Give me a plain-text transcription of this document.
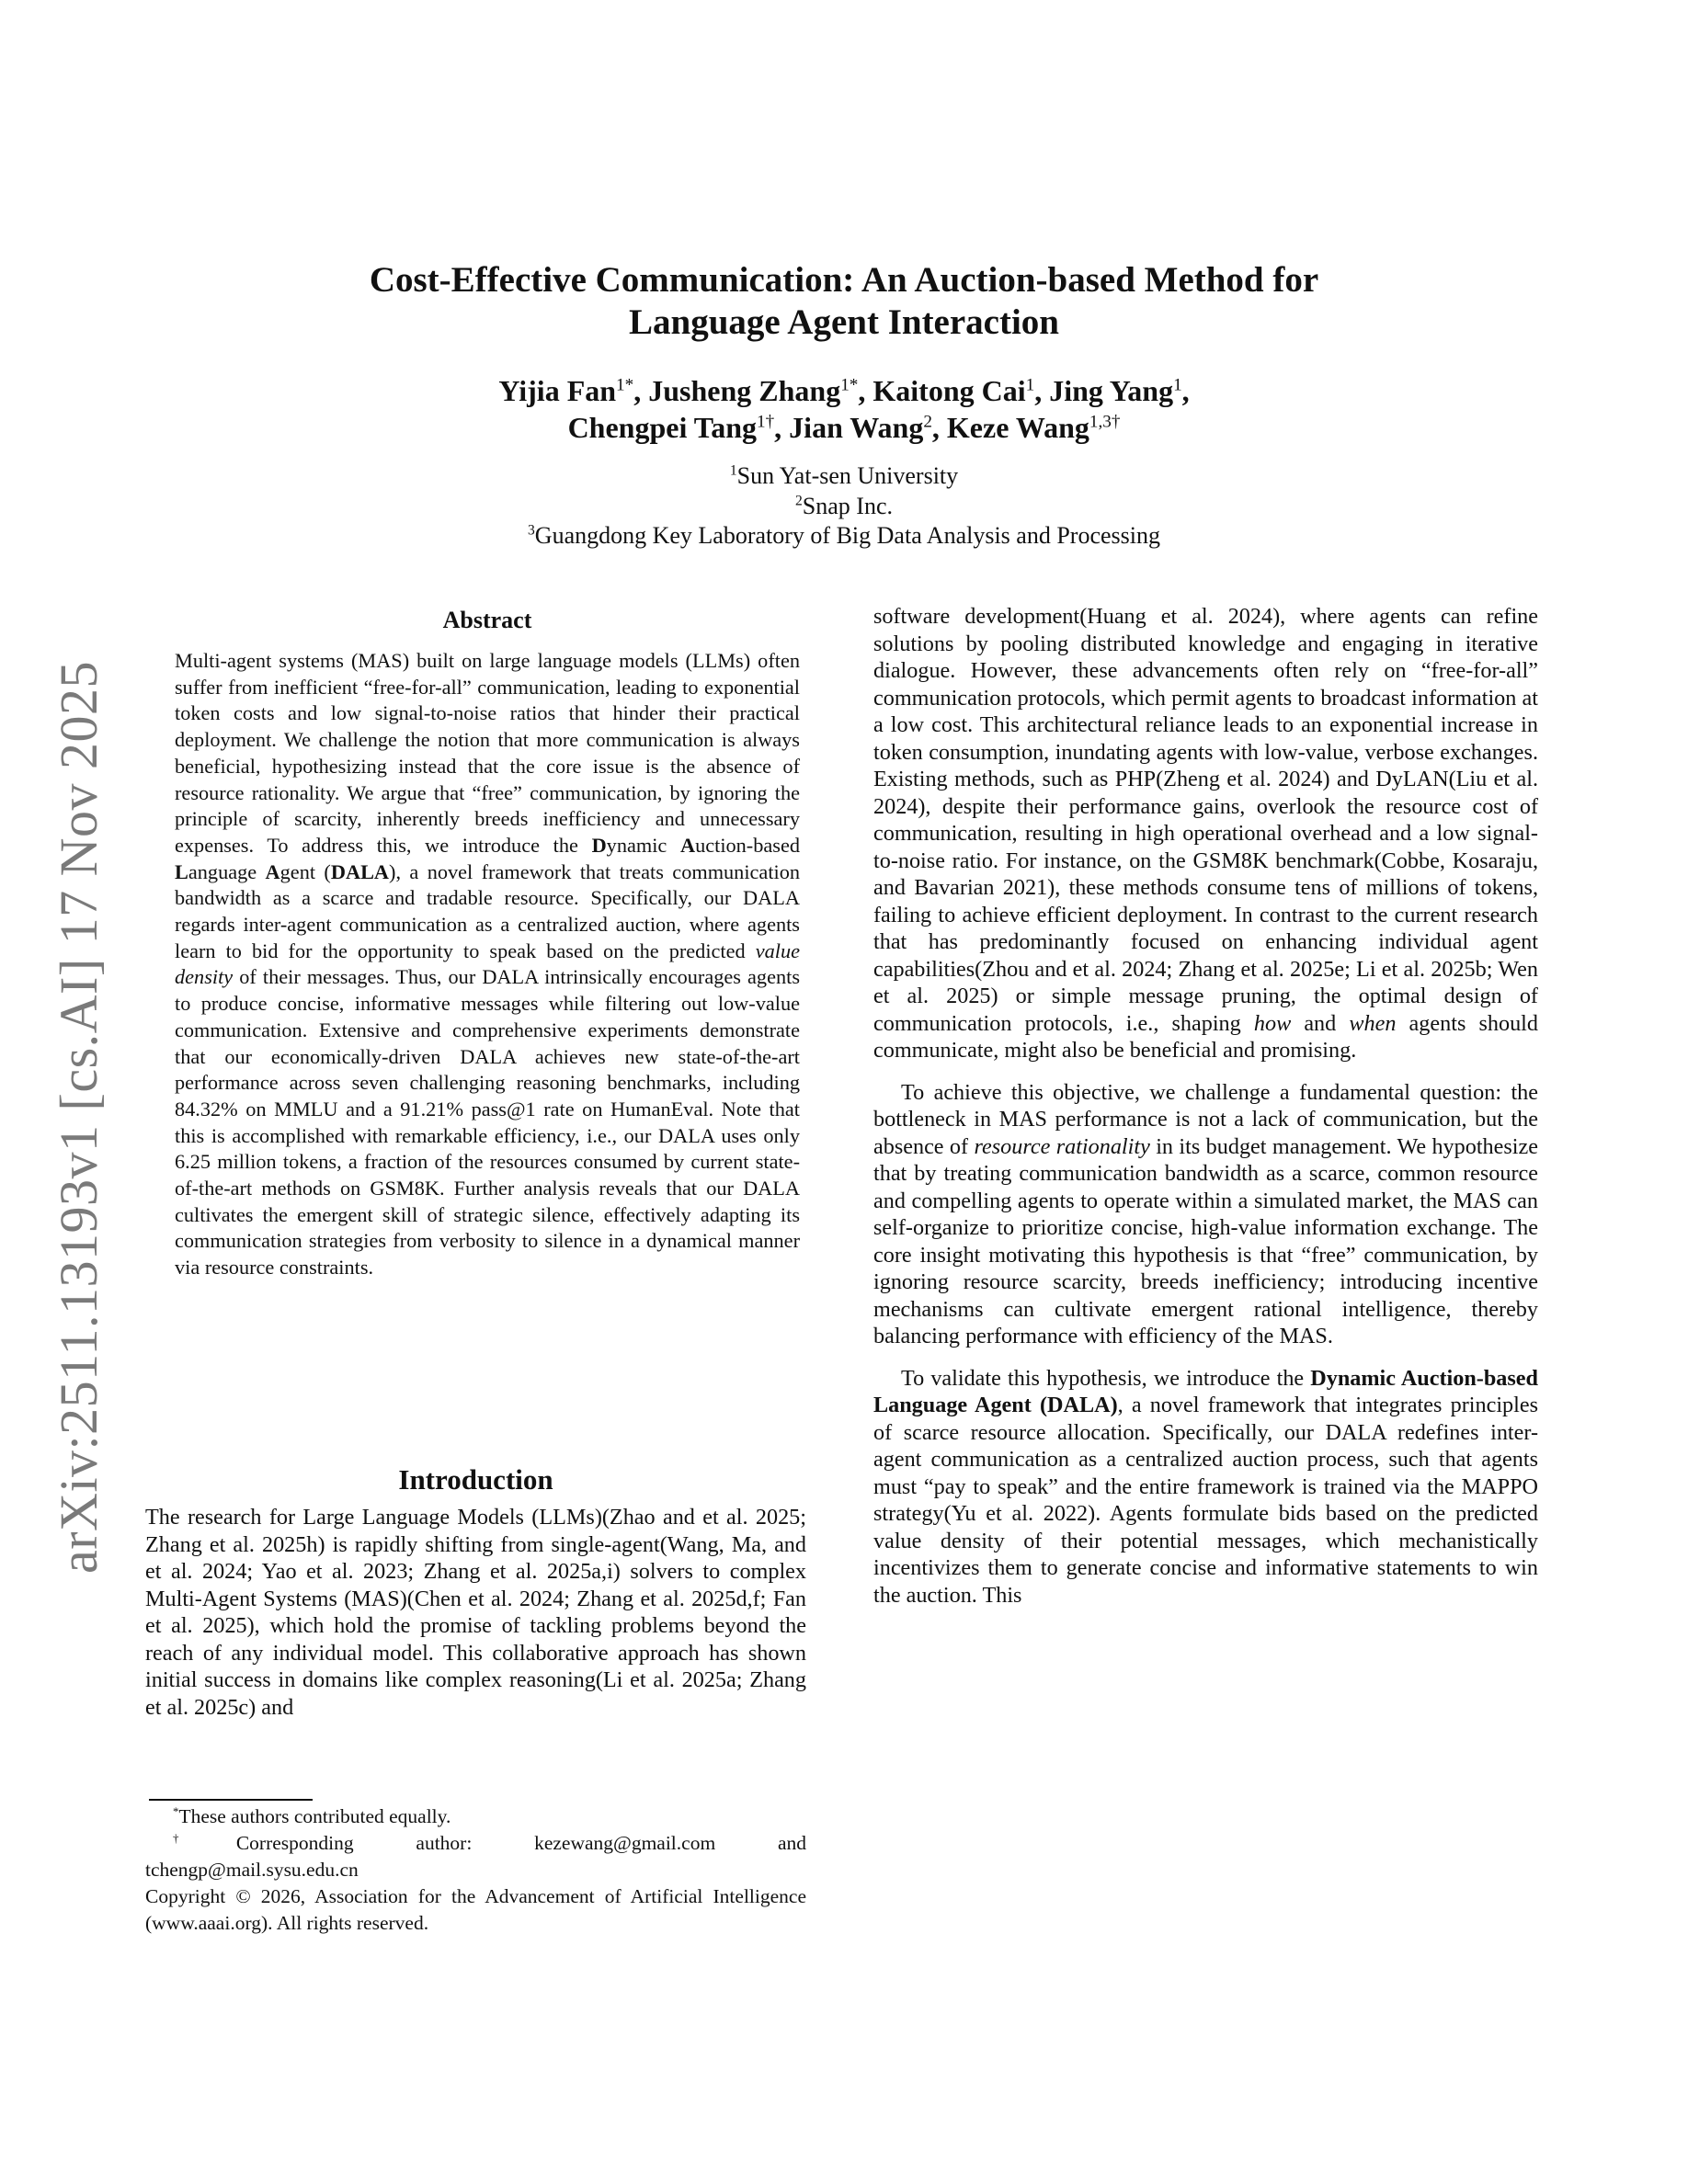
arXiv:2511.13193v1 [cs.AI] 17 Nov 2025
Cost-Effective Communication: An Auction-based Method for
Language Agent Interaction
Yijia Fan$^{1*}$, Jusheng Zhang$^{1*}$, Kaitong Cai$^1$, Jing Yang$^1$,
Chengpei Tang$^{1\dagger}$, Jian Wang$^2$, Keze Wang$^{1,3\dagger}$
$^1$Sun Yat-sen University
$^2$Snap Inc.
$^3$Guangdong Key Laboratory of Big Data Analysis and Processing
Abstract
Multi-agent systems (MAS) built on large language models (LLMs) often suffer from inefficient “free-for-all” communication, leading to exponential token costs and low signal-to-noise ratios that hinder their practical deployment. We challenge the notion that more communication is always beneficial, hypothesizing instead that the core issue is the absence of resource rationality. We argue that “free” communication, by ignoring the principle of scarcity, inherently breeds inefficiency and unnecessary expenses. To address this, we introduce the Dynamic Auction-based Language Agent (DALA), a novel framework that treats communication bandwidth as a scarce and tradable resource. Specifically, our DALA regards inter-agent communication as a centralized auction, where agents learn to bid for the opportunity to speak based on the predicted value density of their messages. Thus, our DALA intrinsically encourages agents to produce concise, informative messages while filtering out low-value communication. Extensive and comprehensive experiments demonstrate that our economically-driven DALA achieves new state-of-the-art performance across seven challenging reasoning benchmarks, including 84.32% on MMLU and a 91.21% pass@1 rate on HumanEval. Note that this is accomplished with remarkable efficiency, i.e., our DALA uses only 6.25 million tokens, a fraction of the resources consumed by current state-of-the-art methods on GSM8K. Further analysis reveals that our DALA cultivates the emergent skill of strategic silence, effectively adapting its communication strategies from verbosity to silence in a dynamical manner via resource constraints.
Introduction

The research for Large Language Models (LLMs)(Zhao and et al. 2025; Zhang et al. 2025h) is rapidly shifting from single-agent(Wang, Ma, and et al. 2024; Yao et al. 2023; Zhang et al. 2025a,i) solvers to complex Multi-Agent Systems (MAS)(Chen et al. 2024; Zhang et al. 2025d,f; Fan et al. 2025), which hold the promise of tackling problems beyond the reach of any individual model. This collaborative approach has shown initial success in domains like complex reasoning(Li et al. 2025a; Zhang et al. 2025c) and

*These authors contributed equally.
†Corresponding author: kezewang@gmail.com and
tchengp@mail.sysu.edu.cn
Copyright © 2026, Association for the Advancement of Artificial Intelligence (www.aaai.org). All rights reserved.

software development(Huang et al. 2024), where agents can refine solutions by pooling distributed knowledge and engaging in iterative dialogue. However, these advancements often rely on “free-for-all” communication protocols, which permit agents to broadcast information at a low cost. This architectural reliance leads to an exponential increase in token consumption, inundating agents with low-value, verbose exchanges. Existing methods, such as PHP(Zheng et al. 2024) and DyLAN(Liu et al. 2024), despite their performance gains, overlook the resource cost of communication, resulting in high operational overhead and a low signal-to-noise ratio. For instance, on the GSM8K benchmark(Cobbe, Kosaraju, and Bavarian 2021), these methods consume tens of millions of tokens, failing to achieve efficient deployment. In contrast to the current research that has predominantly focused on enhancing individual agent capabilities(Zhou and et al. 2024; Zhang et al. 2025e; Li et al. 2025b; Wen et al. 2025) or simple message pruning, the optimal design of communication protocols, i.e., shaping how and when agents should communicate, might also be beneficial and promising.

To achieve this objective, we challenge a fundamental question: the bottleneck in MAS performance is not a lack of communication, but the absence of resource rationality in its budget management. We hypothesize that by treating communication bandwidth as a scarce, common resource and compelling agents to operate within a simulated market, the MAS can self-organize to prioritize concise, high-value information exchange. The core insight motivating this hypothesis is that “free” communication, by ignoring resource scarcity, breeds inefficiency; introducing incentive mechanisms can cultivate emergent rational intelligence, thereby balancing performance with efficiency of the MAS.

To validate this hypothesis, we introduce the Dynamic Auction-based Language Agent (DALA), a novel framework that integrates principles of scarce resource allocation. Specifically, our DALA redefines inter-agent communication as a centralized auction process, such that agents must “pay to speak” and the entire framework is trained via the MAPPO strategy(Yu et al. 2022). Agents formulate bids based on the predicted value density of their potential messages, which mechanistically incentivizes them to generate concise and informative statements to win the auction. This
